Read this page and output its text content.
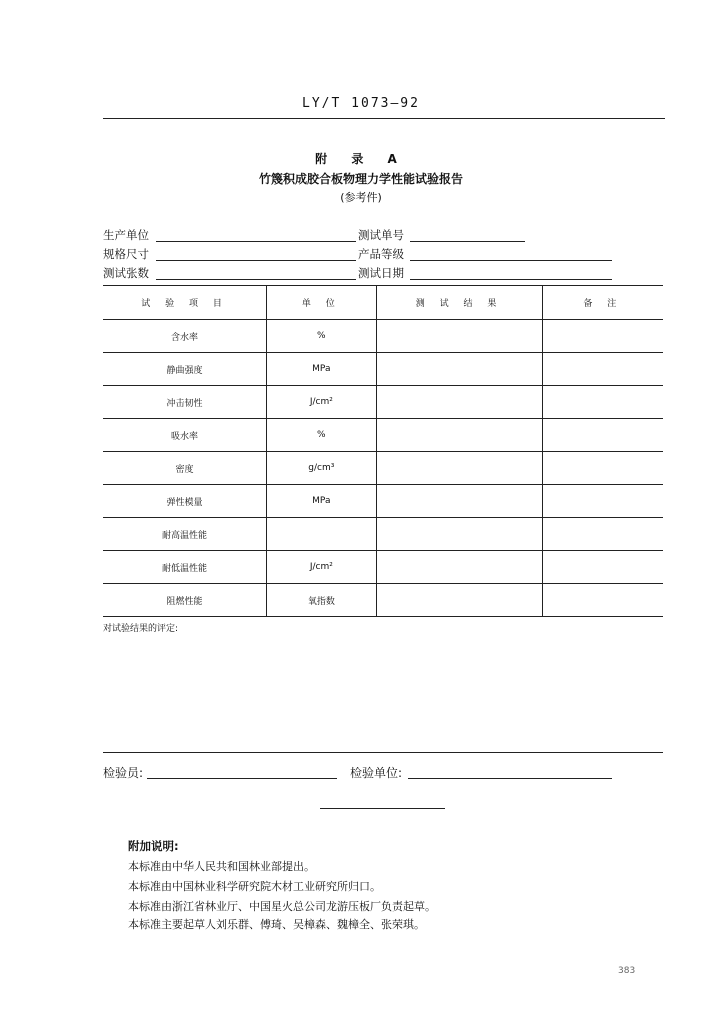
LY/T 1073—92
附 录 A
竹篾积成胶合板物理力学性能试验报告
(参考件)
生产单位	测试单号
规格尺寸	产品等级
测试张数	测试日期
试 验 项 目	单 位	测 试 结 果	备 注
含水率	%		
静曲强度	MPa		
冲击韧性	J/cm²		
吸水率	%		
密度	g/cm³		
弹性模量	MPa		
耐高温性能			
耐低温性能	J/cm²		
阻燃性能	氧指数		
对试验结果的评定:
检验员:	检验单位:
附加说明:
本标准由中华人民共和国林业部提出。
本标准由中国林业科学研究院木材工业研究所归口。
本标准由浙江省林业厅、中国星火总公司龙游压板厂负责起草。
本标准主要起草人刘乐群、傅琦、吴樟森、魏樟全、张荣琪。
383
